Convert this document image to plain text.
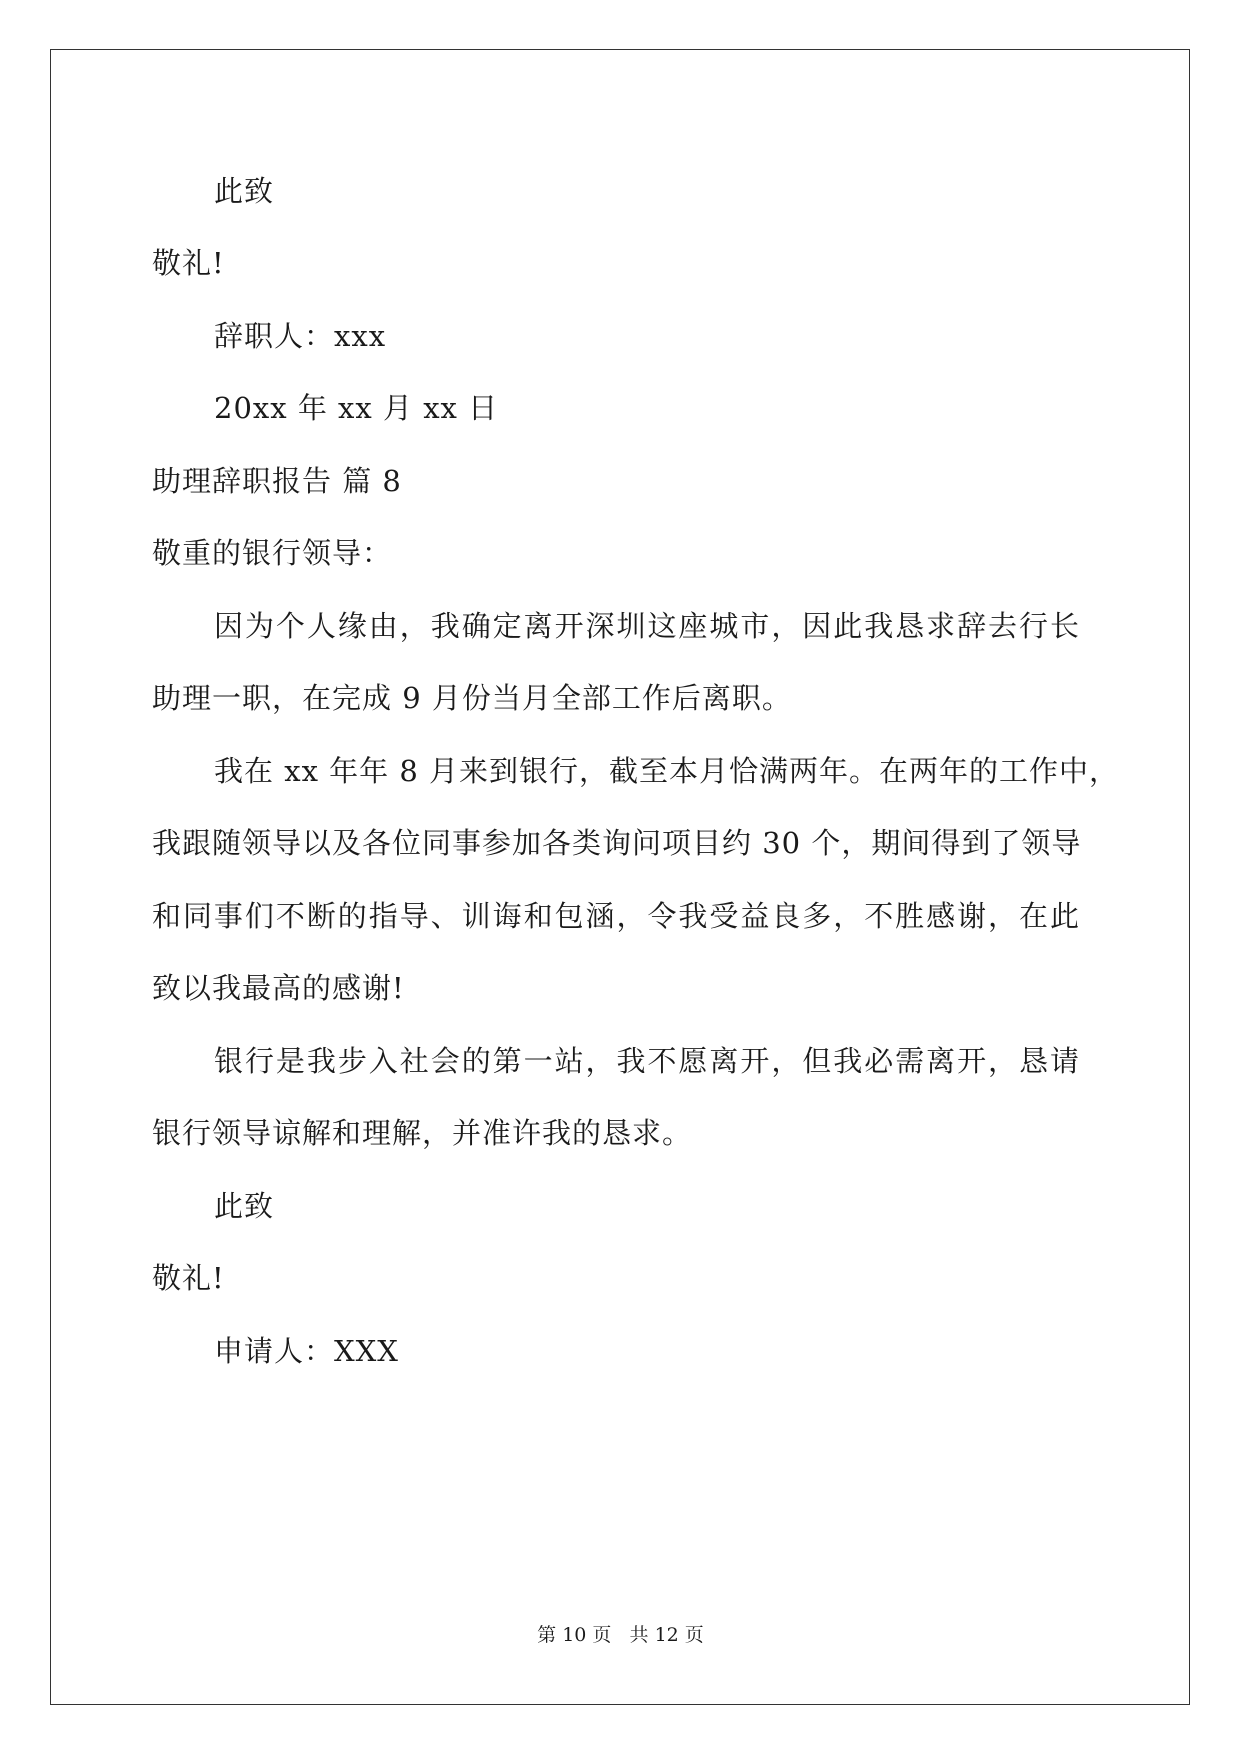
此致
敬礼!
辞职人：xxx
20xx 年 xx 月 xx 日
助理辞职报告 篇 8
敬重的银行领导：
因为个人缘由，我确定离开深圳这座城市，因此我恳求辞去行长
助理一职，在完成 9 月份当月全部工作后离职。
我在 xx 年年 8 月来到银行，截至本月恰满两年。在两年的工作中，
我跟随领导以及各位同事参加各类询问项目约 30 个，期间得到了领导
和同事们不断的指导、训诲和包涵，令我受益良多，不胜感谢，在此
致以我最高的感谢!
银行是我步入社会的第一站，我不愿离开，但我必需离开，恳请
银行领导谅解和理解，并准许我的恳求。
此致
敬礼!
申请人：XXX
第 10 页   共 12 页
